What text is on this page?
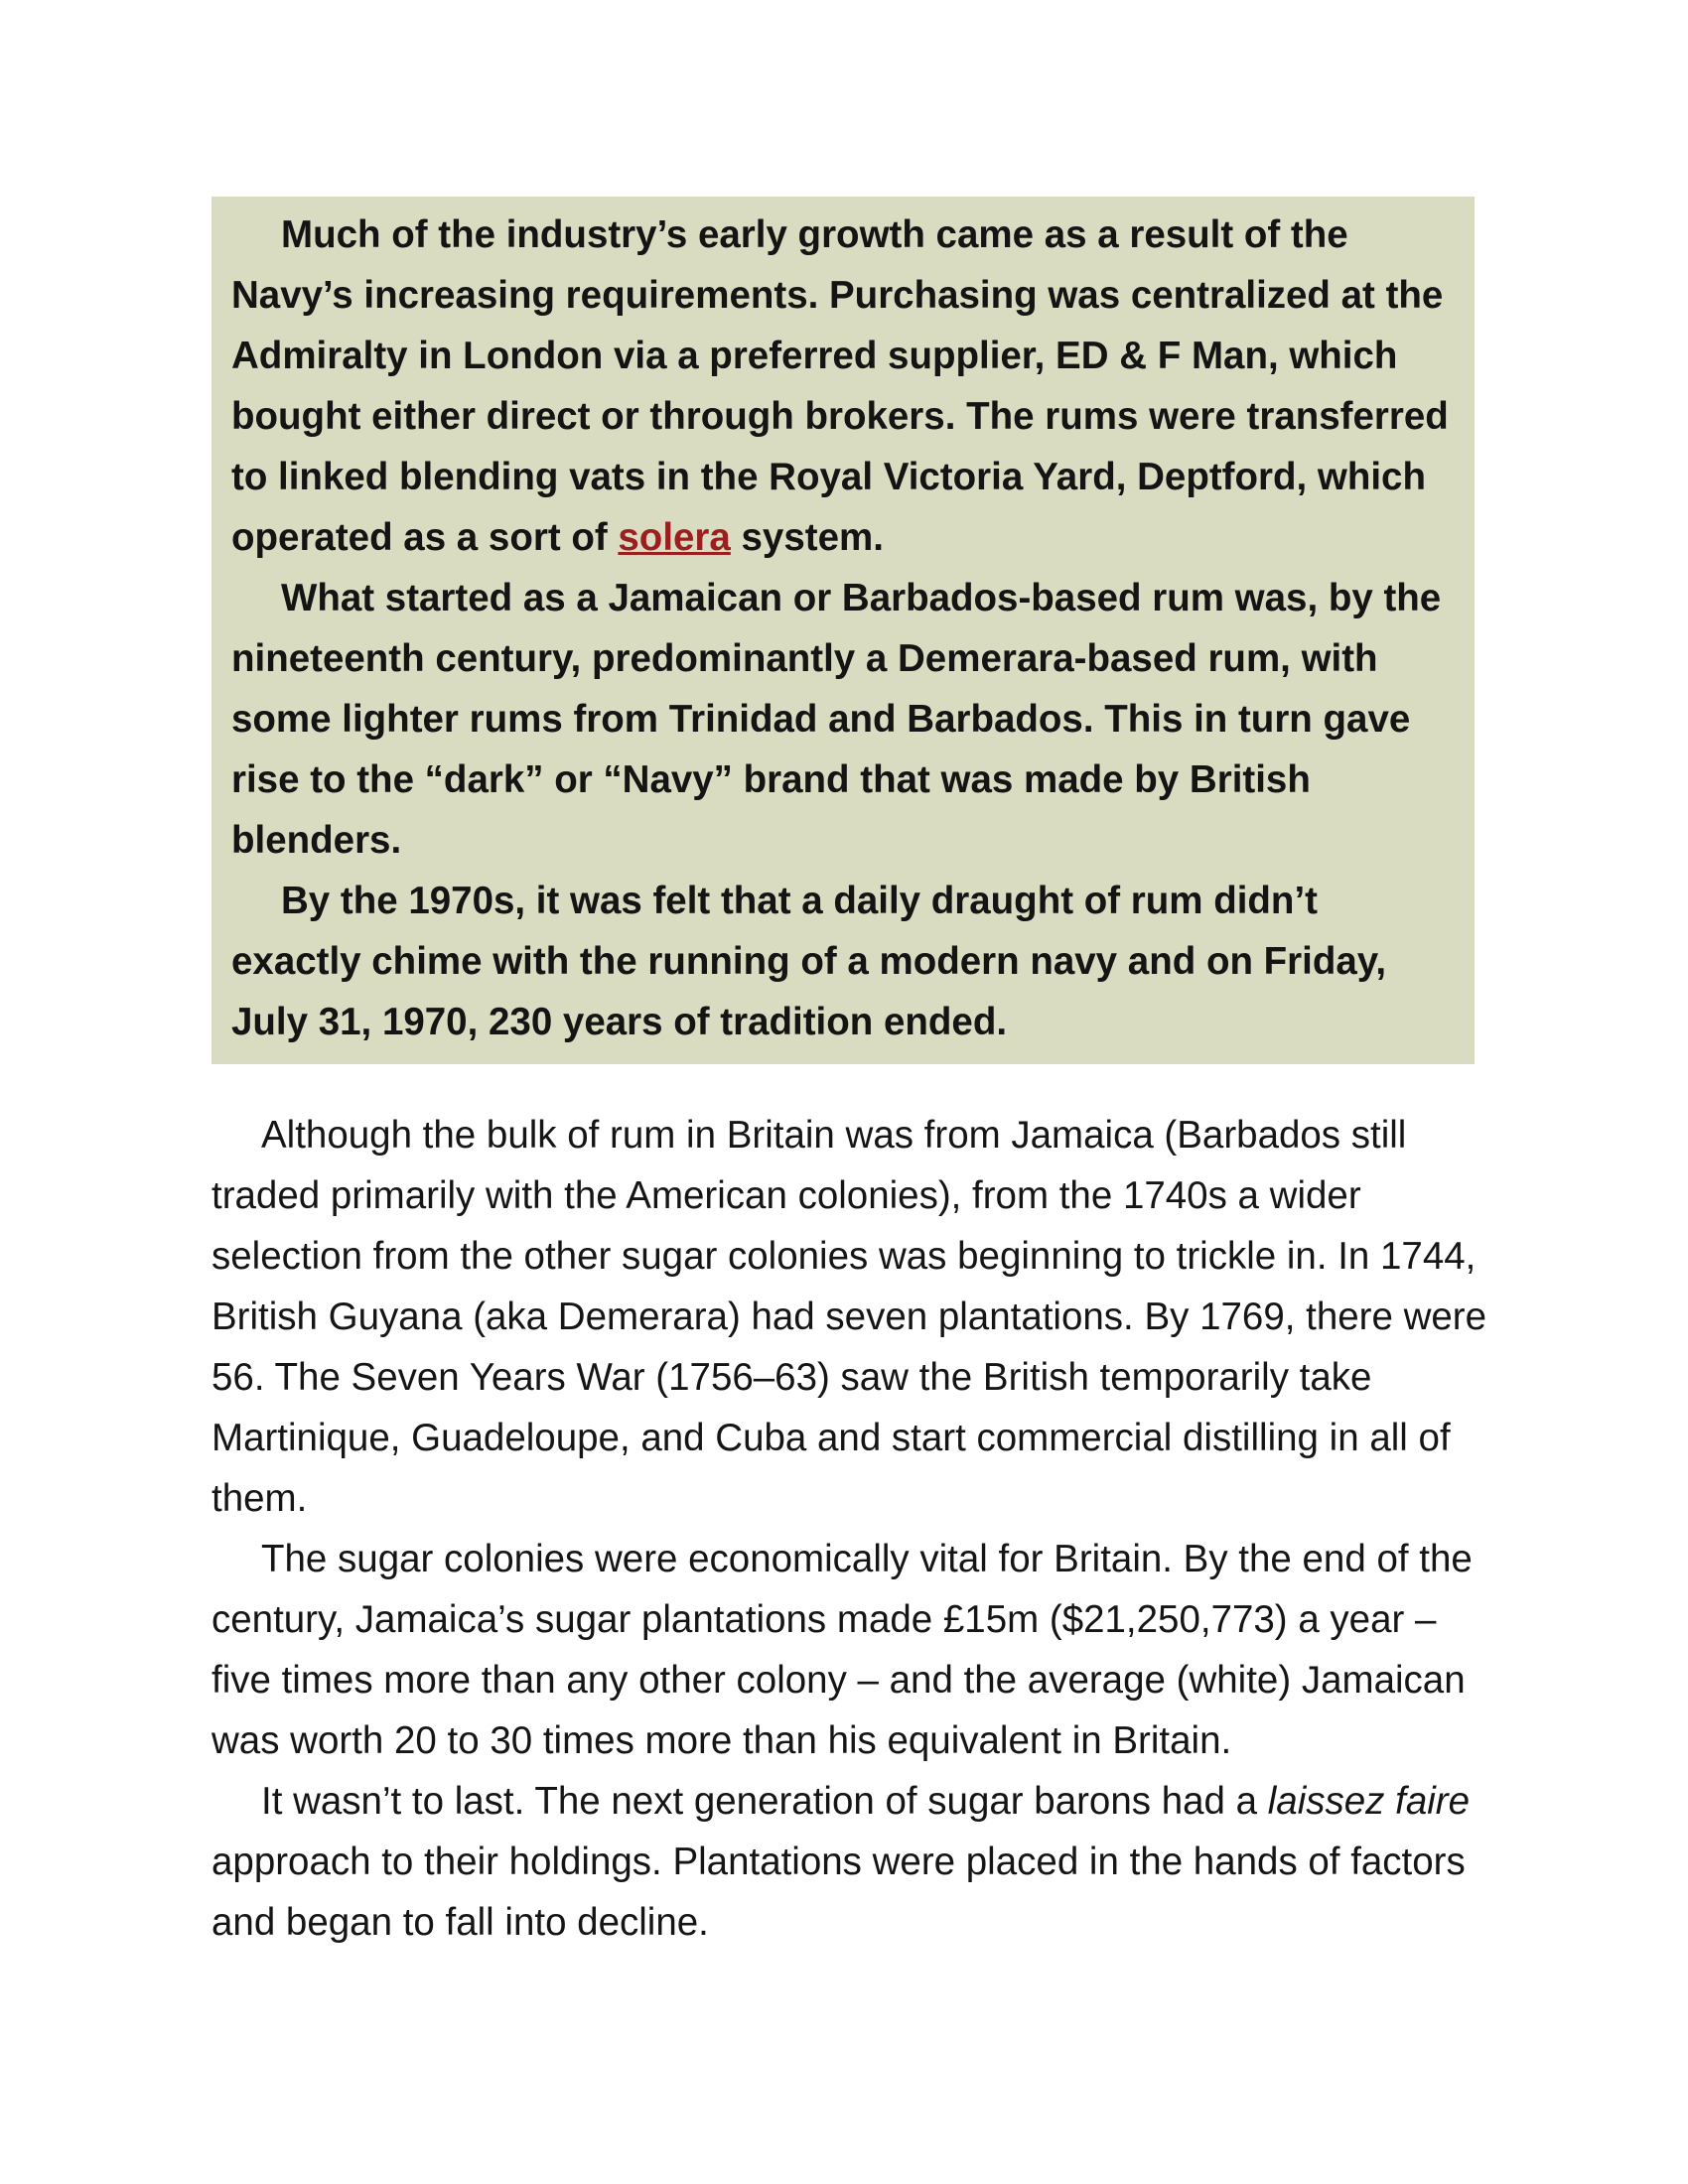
Much of the industry’s early growth came as a result of the Navy’s increasing requirements. Purchasing was centralized at the Admiralty in London via a preferred supplier, ED & F Man, which bought either direct or through brokers. The rums were transferred to linked blending vats in the Royal Victoria Yard, Deptford, which operated as a sort of solera system.

What started as a Jamaican or Barbados-based rum was, by the nineteenth century, predominantly a Demerara-based rum, with some lighter rums from Trinidad and Barbados. This in turn gave rise to the “dark” or “Navy” brand that was made by British blenders.

By the 1970s, it was felt that a daily draught of rum didn’t exactly chime with the running of a modern navy and on Friday, July 31, 1970, 230 years of tradition ended.

Although the bulk of rum in Britain was from Jamaica (Barbados still traded primarily with the American colonies), from the 1740s a wider selection from the other sugar colonies was beginning to trickle in. In 1744, British Guyana (aka Demerara) had seven plantations. By 1769, there were 56. The Seven Years War (1756–63) saw the British temporarily take Martinique, Guadeloupe, and Cuba and start commercial distilling in all of them.

The sugar colonies were economically vital for Britain. By the end of the century, Jamaica’s sugar plantations made £15m ($21,250,773) a year – five times more than any other colony – and the average (white) Jamaican was worth 20 to 30 times more than his equivalent in Britain.

It wasn’t to last. The next generation of sugar barons had a laissez faire approach to their holdings. Plantations were placed in the hands of factors and began to fall into decline.
